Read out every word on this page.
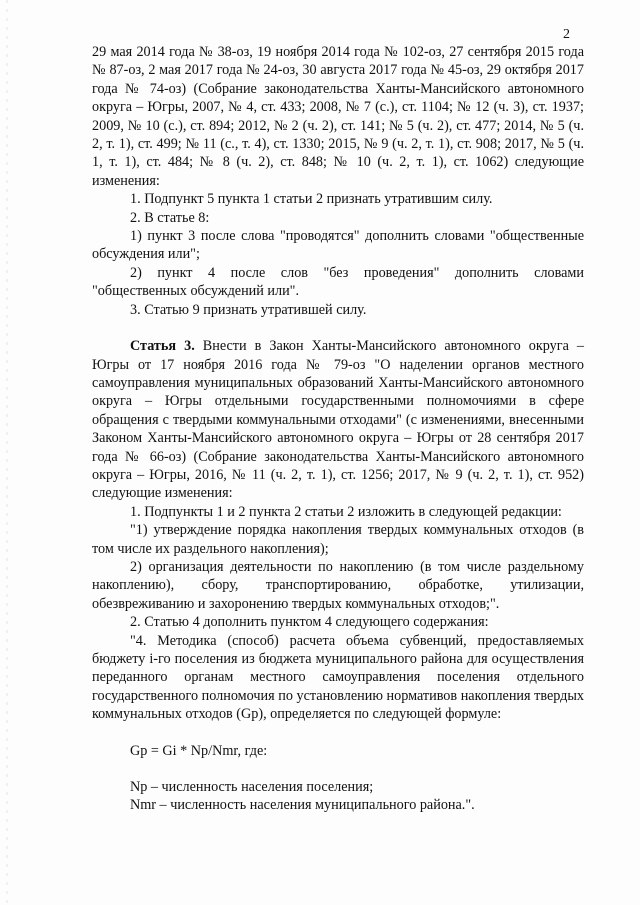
2

29 мая 2014 года № 38-оз, 19 ноября 2014 года № 102-оз, 27 сентября 2015 года № 87-оз, 2 мая 2017 года № 24-оз, 30 августа 2017 года № 45-оз, 29 октября 2017 года № 74-оз) (Собрание законодательства Ханты-Мансийского автономного округа – Югры, 2007, № 4, ст. 433; 2008, № 7 (с.), ст. 1104; № 12 (ч. 3), ст. 1937; 2009, № 10 (с.), ст. 894; 2012, № 2 (ч. 2), ст. 141; № 5 (ч. 2), ст. 477; 2014, № 5 (ч. 2, т. 1), ст. 499; № 11 (с., т. 4), ст. 1330; 2015, № 9 (ч. 2, т. 1), ст. 908; 2017, № 5 (ч. 1, т. 1), ст. 484; № 8 (ч. 2), ст. 848; № 10 (ч. 2, т. 1), ст. 1062) следующие изменения:

1. Подпункт 5 пункта 1 статьи 2 признать утратившим силу.

2. В статье 8:

1) пункт 3 после слова "проводятся" дополнить словами "общественные обсуждения или";

2) пункт 4 после слов "без проведения" дополнить словами "общественных обсуждений или".

3. Статью 9 признать утратившей силу.

Статья 3. Внести в Закон Ханты-Мансийского автономного округа – Югры от 17 ноября 2016 года № 79-оз "О наделении органов местного самоуправления муниципальных образований Ханты-Мансийского автономного округа – Югры отдельными государственными полномочиями в сфере обращения с твердыми коммунальными отходами" (с изменениями, внесенными Законом Ханты-Мансийского автономного округа – Югры от 28 сентября 2017 года № 66-оз) (Собрание законодательства Ханты-Мансийского автономного округа – Югры, 2016, № 11 (ч. 2, т. 1), ст. 1256; 2017, № 9 (ч. 2, т. 1), ст. 952) следующие изменения:

1. Подпункты 1 и 2 пункта 2 статьи 2 изложить в следующей редакции:

"1) утверждение порядка накопления твердых коммунальных отходов (в том числе их раздельного накопления);

2) организация деятельности по накоплению (в том числе раздельному накоплению), сбору, транспортированию, обработке, утилизации, обезвреживанию и захоронению твердых коммунальных отходов;".

2. Статью 4 дополнить пунктом 4 следующего содержания:

"4. Методика (способ) расчета объема субвенций, предоставляемых бюджету i-го поселения из бюджета муниципального района для осуществления переданного органам местного самоуправления поселения отдельного государственного полномочия по установлению нормативов накопления твердых коммунальных отходов (Gp), определяется по следующей формуле:

Gp = Gi * Np/Nmr, где:

Np – численность населения поселения;

Nmr – численность населения муниципального района.".
